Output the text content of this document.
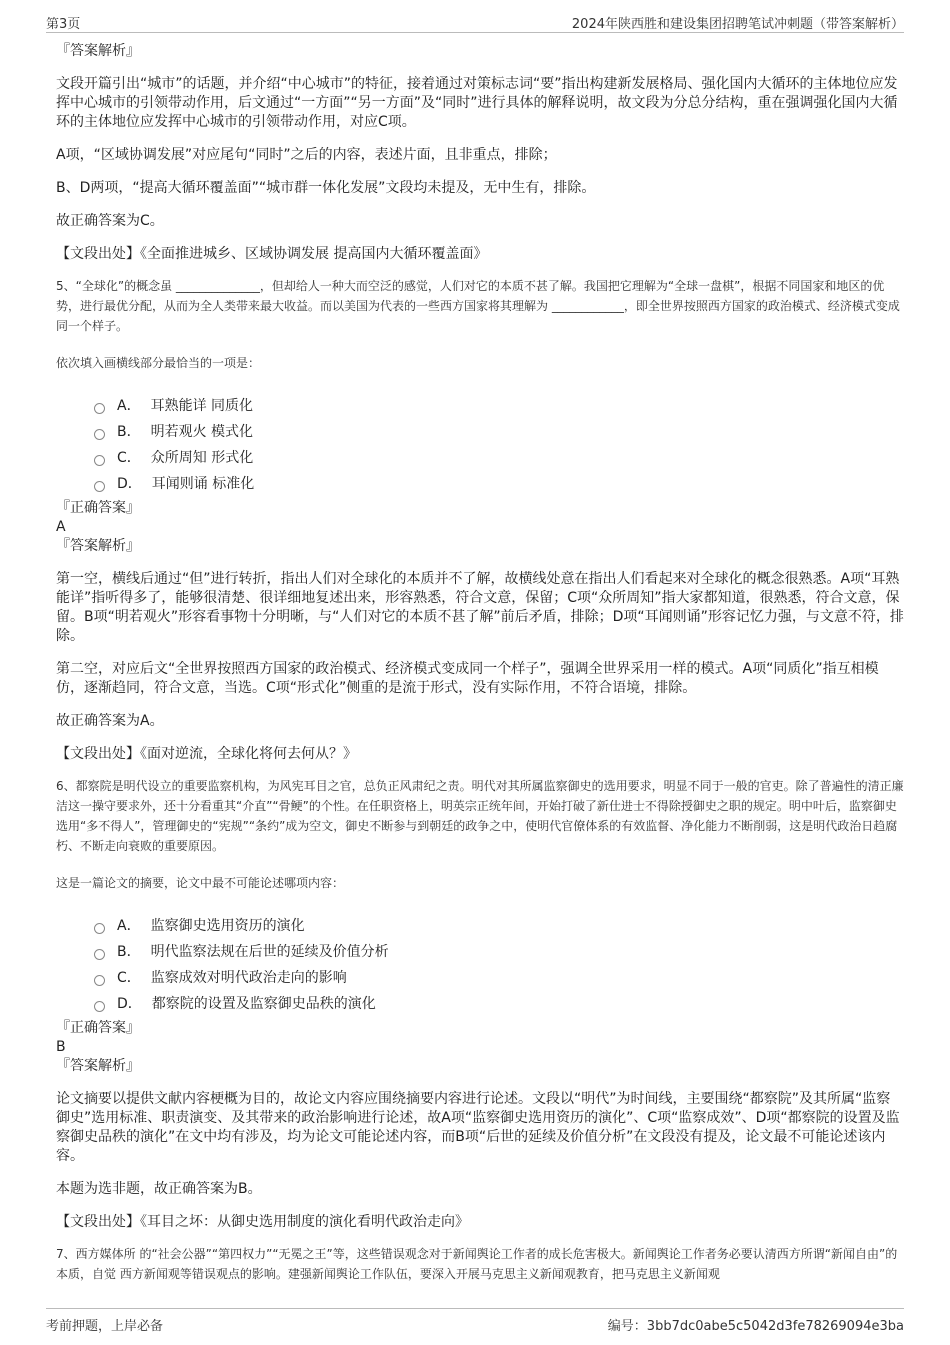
第3页	2024年陕西胜和建设集团招聘笔试冲刺题（带答案解析）

『答案解析』

文段开篇引出“城市”的话题，并介绍“中心城市”的特征，接着通过对策标志词“要”指出构建新发展格局、强化国内大循环的主体地位应发挥中心城市的引领带动作用，后文通过“一方面”“另一方面”及“同时”进行具体的解释说明，故文段为分总分结构，重在强调强化国内大循环的主体地位应发挥中心城市的引领带动作用，对应C项。

A项，“区域协调发展”对应尾句“同时”之后的内容，表述片面，且非重点，排除；

B、D两项，“提高大循环覆盖面”“城市群一体化发展”文段均未提及，无中生有，排除。

故正确答案为C。

【文段出处】《全面推进城乡、区域协调发展 提高国内大循环覆盖面》

5、“全球化”的概念虽 ______________，但却给人一种大而空泛的感觉，人们对它的本质不甚了解。我国把它理解为“全球一盘棋”，根据不同国家和地区的优势，进行最优分配，从而为全人类带来最大收益。而以美国为代表的一些西方国家将其理解为 ____________，即全世界按照西方国家的政治模式、经济模式变成同一个样子。

依次填入画横线部分最恰当的一项是：

A． 耳熟能详 同质化
B． 明若观火 模式化
C． 众所周知 形式化
D． 耳闻则诵 标准化

『正确答案』

A

『答案解析』

第一空，横线后通过“但”进行转折，指出人们对全球化的本质并不了解，故横线处意在指出人们看起来对全球化的概念很熟悉。A项“耳熟能详”指听得多了，能够很清楚、很详细地复述出来，形容熟悉，符合文意，保留；C项“众所周知”指大家都知道，很熟悉，符合文意，保留。B项“明若观火”形容看事物十分明晰，与“人们对它的本质不甚了解”前后矛盾，排除；D项“耳闻则诵”形容记忆力强，与文意不符，排除。

第二空，对应后文“全世界按照西方国家的政治模式、经济模式变成同一个样子”，强调全世界采用一样的模式。A项“同质化”指互相模仿，逐渐趋同，符合文意，当选。C项“形式化”侧重的是流于形式，没有实际作用，不符合语境，排除。

故正确答案为A。

【文段出处】《面对逆流，全球化将何去何从？》

6、都察院是明代设立的重要监察机构，为风宪耳目之官，总负正风肃纪之责。明代对其所属监察御史的选用要求，明显不同于一般的官吏。除了普遍性的清正廉洁这一操守要求外，还十分看重其“介直”“骨鲠”的个性。在任职资格上，明英宗正统年间，开始打破了新仕进士不得除授御史之职的规定。明中叶后，监察御史选用“多不得人”，管理御史的“宪规”“条约”成为空文，御史不断参与到朝廷的政争之中，使明代官僚体系的有效监督、净化能力不断削弱，这是明代政治日趋腐朽、不断走向衰败的重要原因。

这是一篇论文的摘要，论文中最不可能论述哪项内容：

A． 监察御史选用资历的演化
B． 明代监察法规在后世的延续及价值分析
C． 监察成效对明代政治走向的影响
D． 都察院的设置及监察御史品秩的演化

『正确答案』

B

『答案解析』

论文摘要以提供文献内容梗概为目的，故论文内容应围绕摘要内容进行论述。文段以“明代”为时间线，主要围绕“都察院”及其所属“监察御史”选用标准、职责演变、及其带来的政治影响进行论述，故A项“监察御史选用资历的演化”、C项“监察成效”、D项“都察院的设置及监察御史品秩的演化”在文中均有涉及，均为论文可能论述内容，而B项“后世的延续及价值分析”在文段没有提及，论文最不可能论述该内容。

本题为选非题，故正确答案为B。

【文段出处】《耳目之坏：从御史选用制度的演化看明代政治走向》

7、西方媒体所 的“社会公器”“第四权力”“无冕之王”等，这些错误观念对于新闻舆论工作者的成长危害极大。新闻舆论工作者务必要认清西方所谓“新闻自由”的本质，自觉 西方新闻观等错误观点的影响。建强新闻舆论工作队伍，要深入开展马克思主义新闻观教育，把马克思主义新闻观

考前押题，上岸必备	编号：3bb7dc0abe5c5042d3fe78269094e3ba
